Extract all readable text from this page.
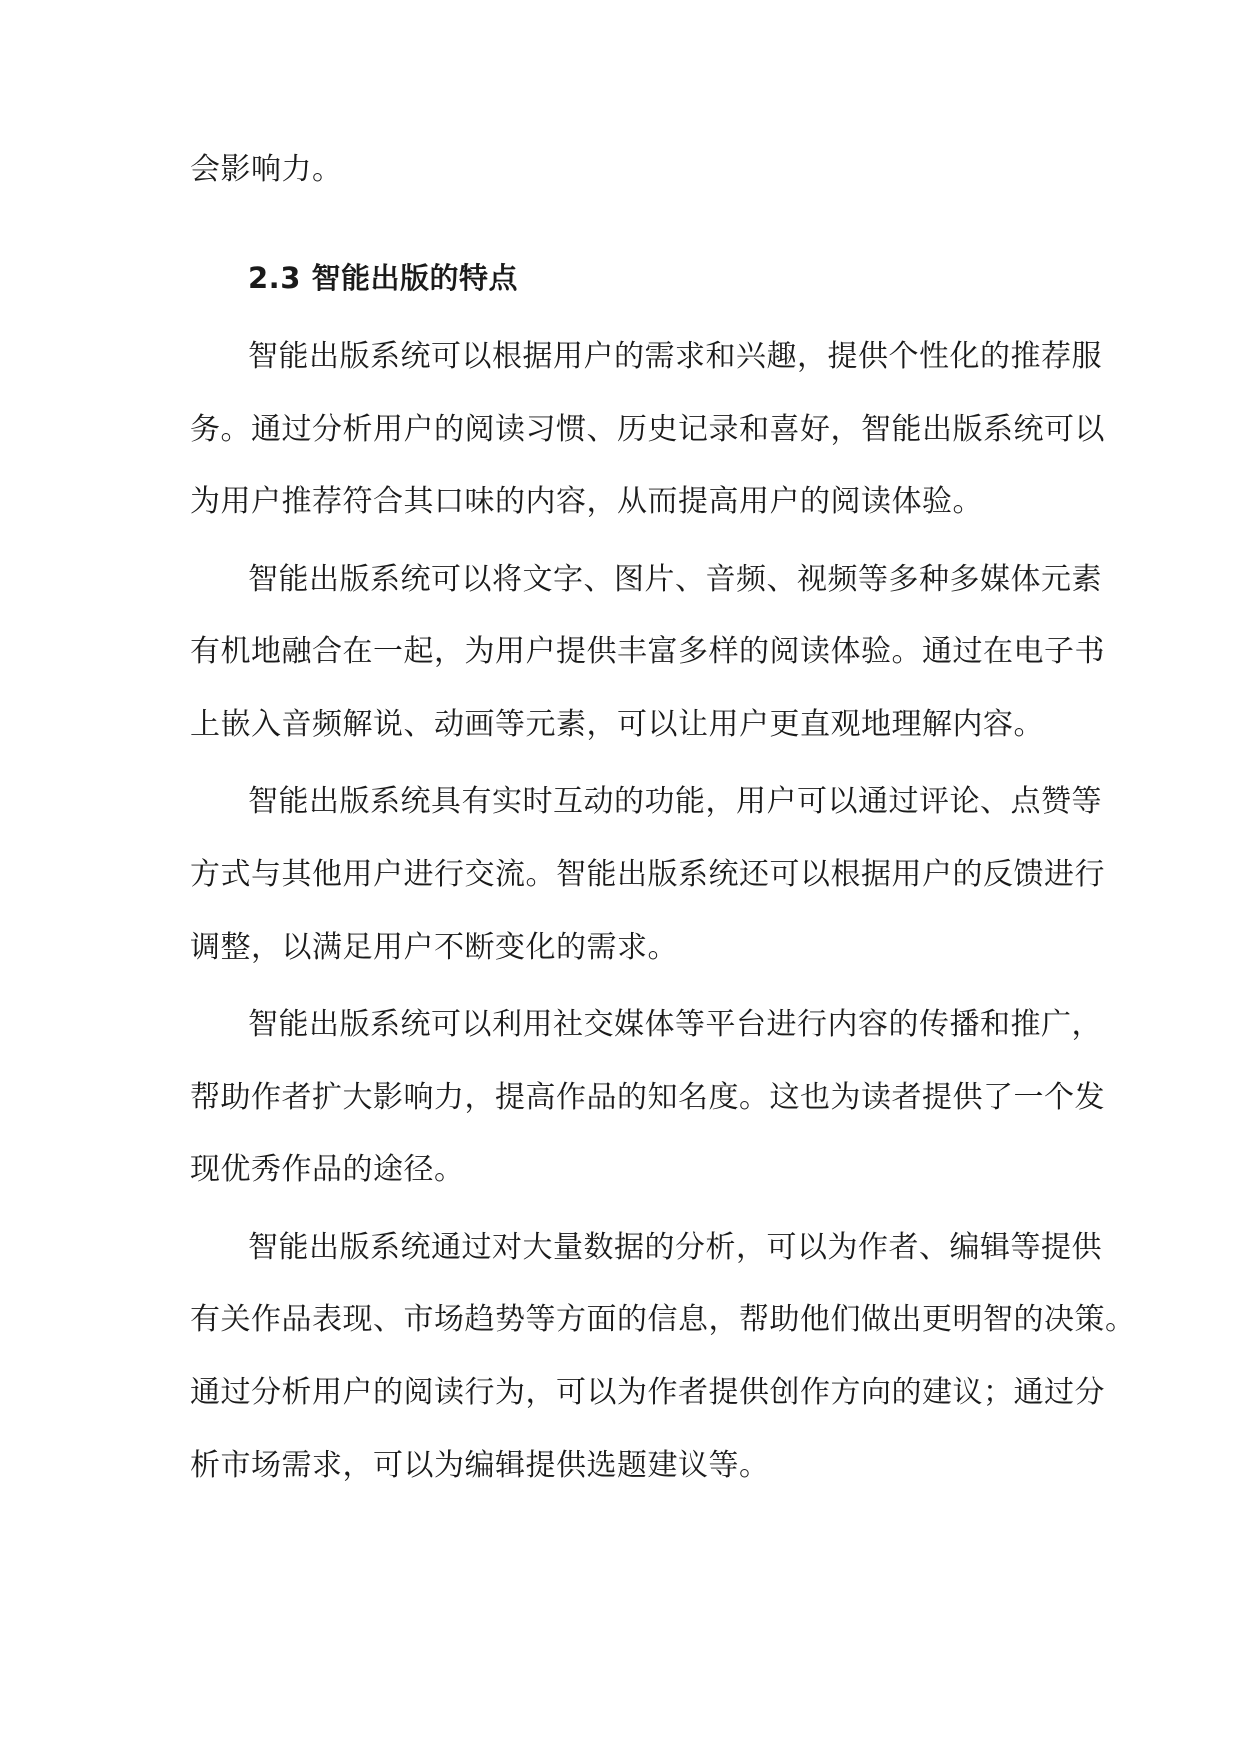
会影响力。
2.3 智能出版的特点
智能出版系统可以根据用户的需求和兴趣，提供个性化的推荐服
务。通过分析用户的阅读习惯、历史记录和喜好，智能出版系统可以
为用户推荐符合其口味的内容，从而提高用户的阅读体验。
智能出版系统可以将文字、图片、音频、视频等多种多媒体元素
有机地融合在一起，为用户提供丰富多样的阅读体验。通过在电子书
上嵌入音频解说、动画等元素，可以让用户更直观地理解内容。
智能出版系统具有实时互动的功能，用户可以通过评论、点赞等
方式与其他用户进行交流。智能出版系统还可以根据用户的反馈进行
调整，以满足用户不断变化的需求。
智能出版系统可以利用社交媒体等平台进行内容的传播和推广，
帮助作者扩大影响力，提高作品的知名度。这也为读者提供了一个发
现优秀作品的途径。
智能出版系统通过对大量数据的分析，可以为作者、编辑等提供
有关作品表现、市场趋势等方面的信息，帮助他们做出更明智的决策。
通过分析用户的阅读行为，可以为作者提供创作方向的建议；通过分
析市场需求，可以为编辑提供选题建议等。
